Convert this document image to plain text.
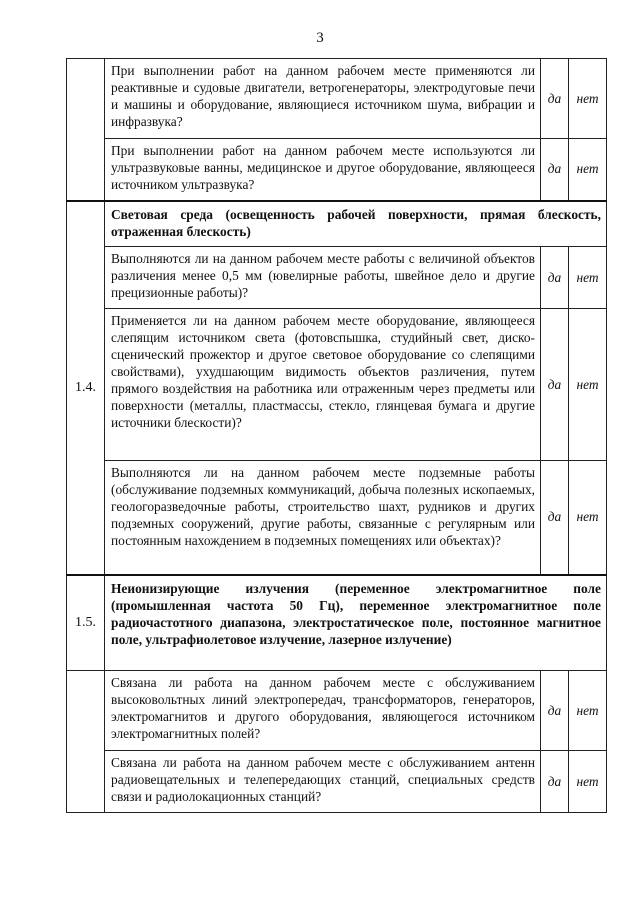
3
	При выполнении работ на данном рабочем месте применяются ли реактивные и судовые двигатели, ветрогенераторы, электродуговые печи и машины и оборудование, являющиеся источником шума, вибрации и инфразвука?	да	нет
	При выполнении работ на данном рабочем месте используются ли ультразвуковые ванны, медицинское и другое оборудование, являющееся источником ультразвука?	да	нет

1.4.	Световая среда (освещенность рабочей поверхности, прямая блескость, отраженная блескость)		
	Выполняются ли на данном рабочем месте работы с величиной объектов различения менее 0,5 мм (ювелирные работы, швейное дело и другие прецизионные работы)?	да	нет
	Применяется ли на данном рабочем месте оборудование, являющееся слепящим источником света (фотовспышка, студийный свет, диско-сценический прожектор и другое световое оборудование со слепящими свойствами), ухудшающим видимость объектов различения, путем прямого воздействия на работника или отраженным через предметы или поверхности (металлы, пластмассы, стекло, глянцевая бумага и другие источники блескости)?	да	нет
	Выполняются ли на данном рабочем месте подземные работы (обслуживание подземных коммуникаций, добыча полезных ископаемых, геологоразведочные работы, строительство шахт, рудников и других подземных сооружений, другие работы, связанные с регулярным или постоянным нахождением в подземных помещениях или объектах)?	да	нет

1.5.	Неионизирующие излучения (переменное электромагнитное поле (промышленная частота 50 Гц), переменное электромагнитное поле радиочастотного диапазона, электростатическое поле, постоянное магнитное поле, ультрафиолетовое излучение, лазерное излучение)		
	Связана ли работа на данном рабочем месте с обслуживанием высоковольтных линий электропередач, трансформаторов, генераторов, электромагнитов и другого оборудования, являющегося источником электромагнитных полей?	да	нет
	Связана ли работа на данном рабочем месте с обслуживанием антенн радиовещательных и телепередающих станций, специальных средств связи и радиолокационных станций?	да	нет
